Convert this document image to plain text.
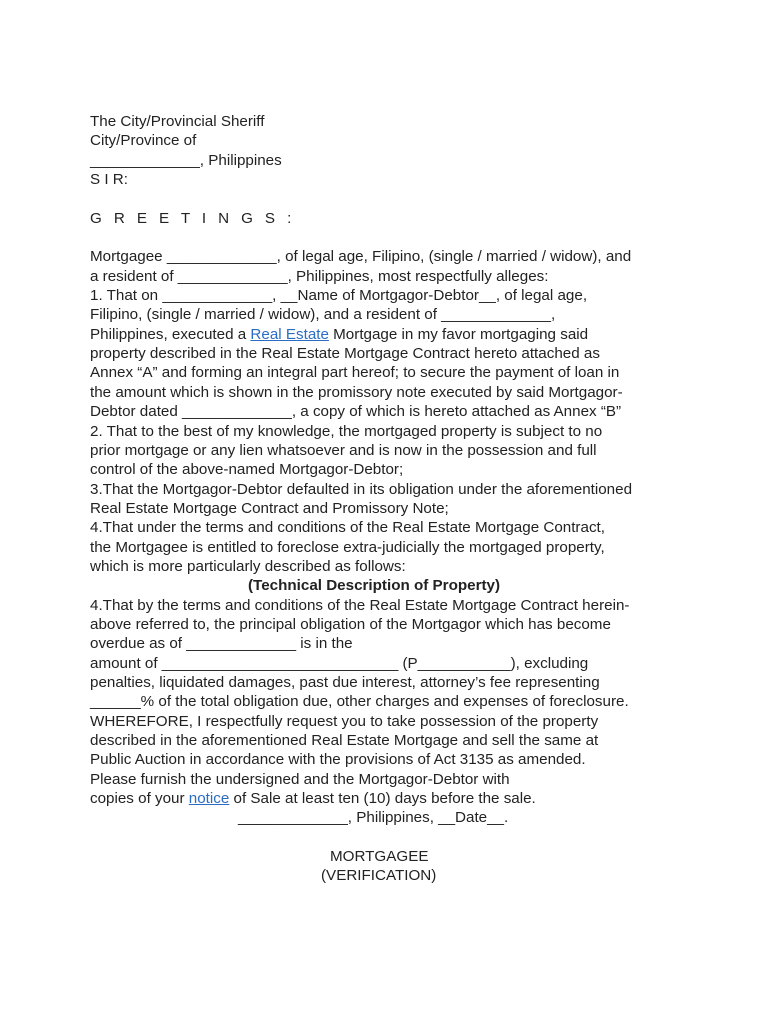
The City/Provincial Sheriff
City/Province of
_____________, Philippines
S I R:
G R E E T I N G S :
Mortgagee _____________, of legal age, Filipino, (single / married / widow), and
a resident of _____________, Philippines, most respectfully alleges:
1. That on _____________, __Name of Mortgagor-Debtor__, of legal age,
Filipino, (single / married / widow), and a resident of _____________,
Philippines, executed a Real Estate Mortgage in my favor mortgaging said
property described in the Real Estate Mortgage Contract hereto attached as
Annex “A” and forming an integral part hereof; to secure the payment of loan in
the amount which is shown in the promissory note executed by said Mortgagor-
Debtor dated _____________, a copy of which is hereto attached as Annex “B”
2. That to the best of my knowledge, the mortgaged property is subject to no
prior mortgage or any lien whatsoever and is now in the possession and full
control of the above-named Mortgagor-Debtor;
3.That the Mortgagor-Debtor defaulted in its obligation under the aforementioned
Real Estate Mortgage Contract and Promissory Note;
4.That under the terms and conditions of the Real Estate Mortgage Contract,
the Mortgagee is entitled to foreclose extra-judicially the mortgaged property,
which is more particularly described as follows:
(Technical Description of Property)
4.That by the terms and conditions of the Real Estate Mortgage Contract herein-
above referred to, the principal obligation of the Mortgagor which has become
overdue as of _____________ is in the
amount of ____________________________ (P___________), excluding
penalties, liquidated damages, past due interest, attorney’s fee representing
______% of the total obligation due, other charges and expenses of foreclosure.
WHEREFORE, I respectfully request you to take possession of the property
described in the aforementioned Real Estate Mortgage and sell the same at
Public Auction in accordance with the provisions of Act 3135 as amended.
Please furnish the undersigned and the Mortgagor-Debtor with
copies of your notice of Sale at least ten (10) days before the sale.
_____________, Philippines, __Date__.
MORTGAGEE
(VERIFICATION)
